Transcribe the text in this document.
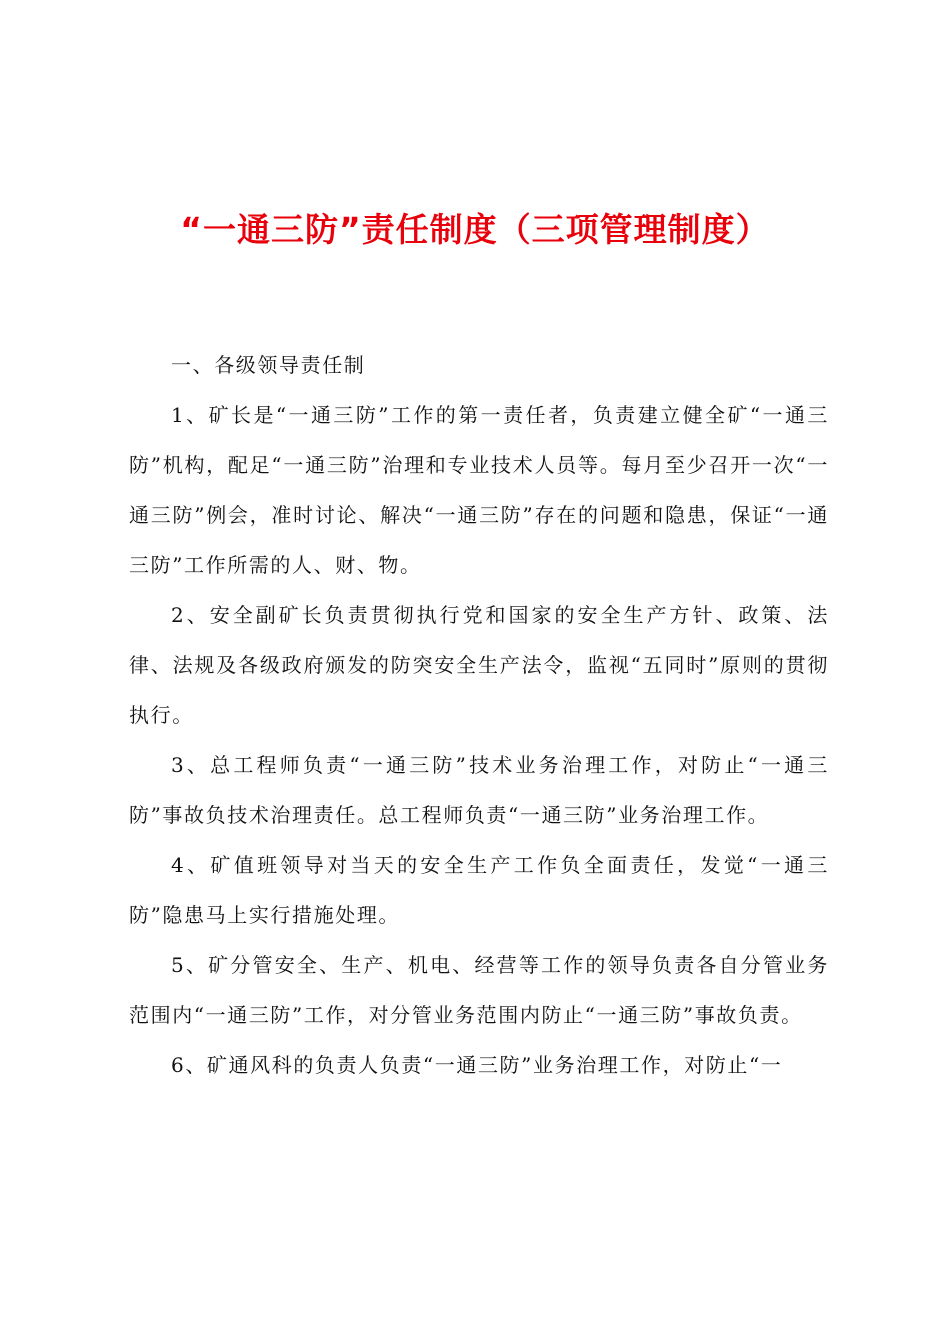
“一通三防”责任制度（三项管理制度）

一、各级领导责任制

1、矿长是“一通三防”工作的第一责任者，负责建立健全矿“一通三防”机构，配足“一通三防”治理和专业技术人员等。每月至少召开一次“一通三防”例会，准时讨论、解决“一通三防”存在的问题和隐患，保证“一通三防”工作所需的人、财、物。

2、安全副矿长负责贯彻执行党和国家的安全生产方针、政策、法律、法规及各级政府颁发的防突安全生产法令，监视“五同时”原则的贯彻执行。

3、总工程师负责“一通三防”技术业务治理工作，对防止“一通三防”事故负技术治理责任。总工程师负责“一通三防”业务治理工作。

4、矿值班领导对当天的安全生产工作负全面责任，发觉“一通三防”隐患马上实行措施处理。

5、矿分管安全、生产、机电、经营等工作的领导负责各自分管业务范围内“一通三防”工作，对分管业务范围内防止“一通三防”事故负责。

6、矿通风科的负责人负责“一通三防”业务治理工作，对防止“一
